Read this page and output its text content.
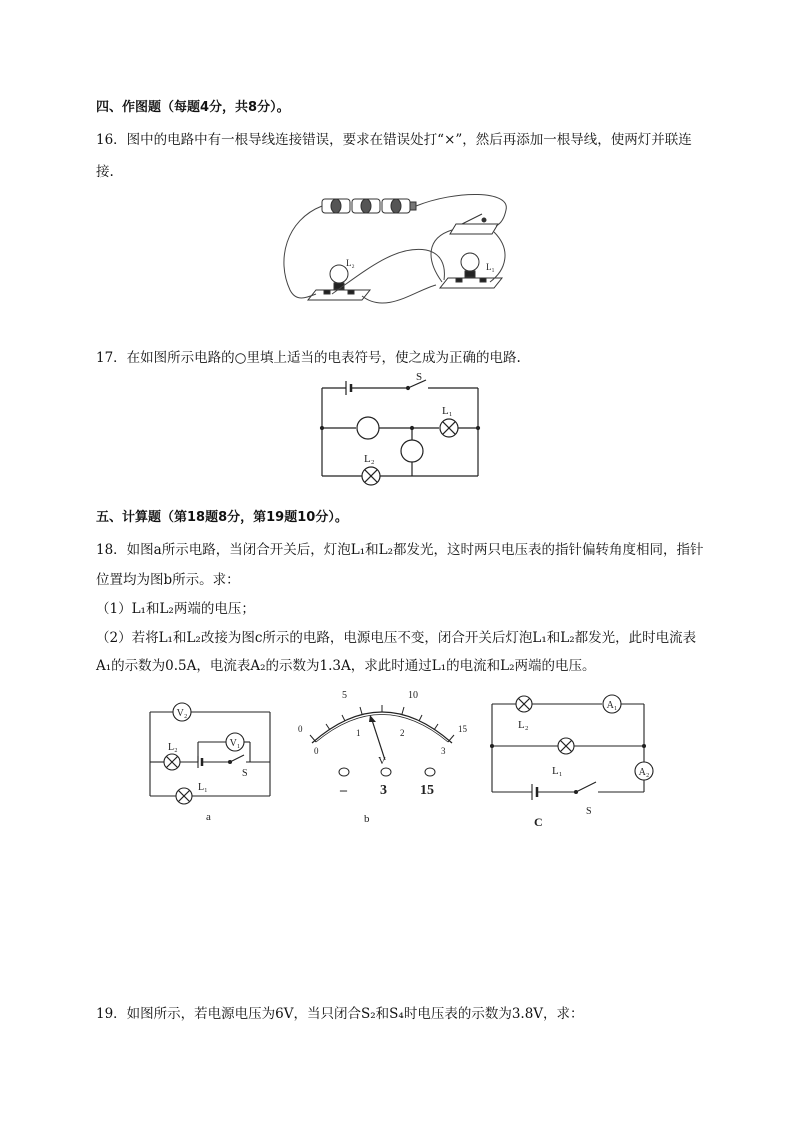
四、作图题（每题4分，共8分）。
16．图中的电路中有一根导线连接错误，要求在错误处打“×”，然后再添加一根导线，使两灯并联连
接.
L₂	L₁
17．在如图所示电路的○里填上适当的电表符号，使之成为正确的电路.
S
L₁
L₂
五、计算题（第18题8分，第19题10分）。
18．如图a所示电路，当闭合开关后，灯泡L₁和L₂都发光，这时两只电压表的指针偏转角度相同，指针
位置均为图b所示。求：
（1）L₁和L₂两端的电压；
（2）若将L₁和L₂改接为图c所示的电路，电源电压不变，闭合开关后灯泡L₁和L₂都发光，此时电流表
A₁的示数为0.5A，电流表A₂的示数为1.3A，求此时通过L₁的电流和L₂两端的电压。
V₂
V₁
L₂
L₁
S
a
0
5	10
15
0
1	2
3
V
– 3 15
b
A₁
A₂
L₂
L₁
S
C
19．如图所示，若电源电压为6V，当只闭合S₂和S₄时电压表的示数为3.8V，求：
